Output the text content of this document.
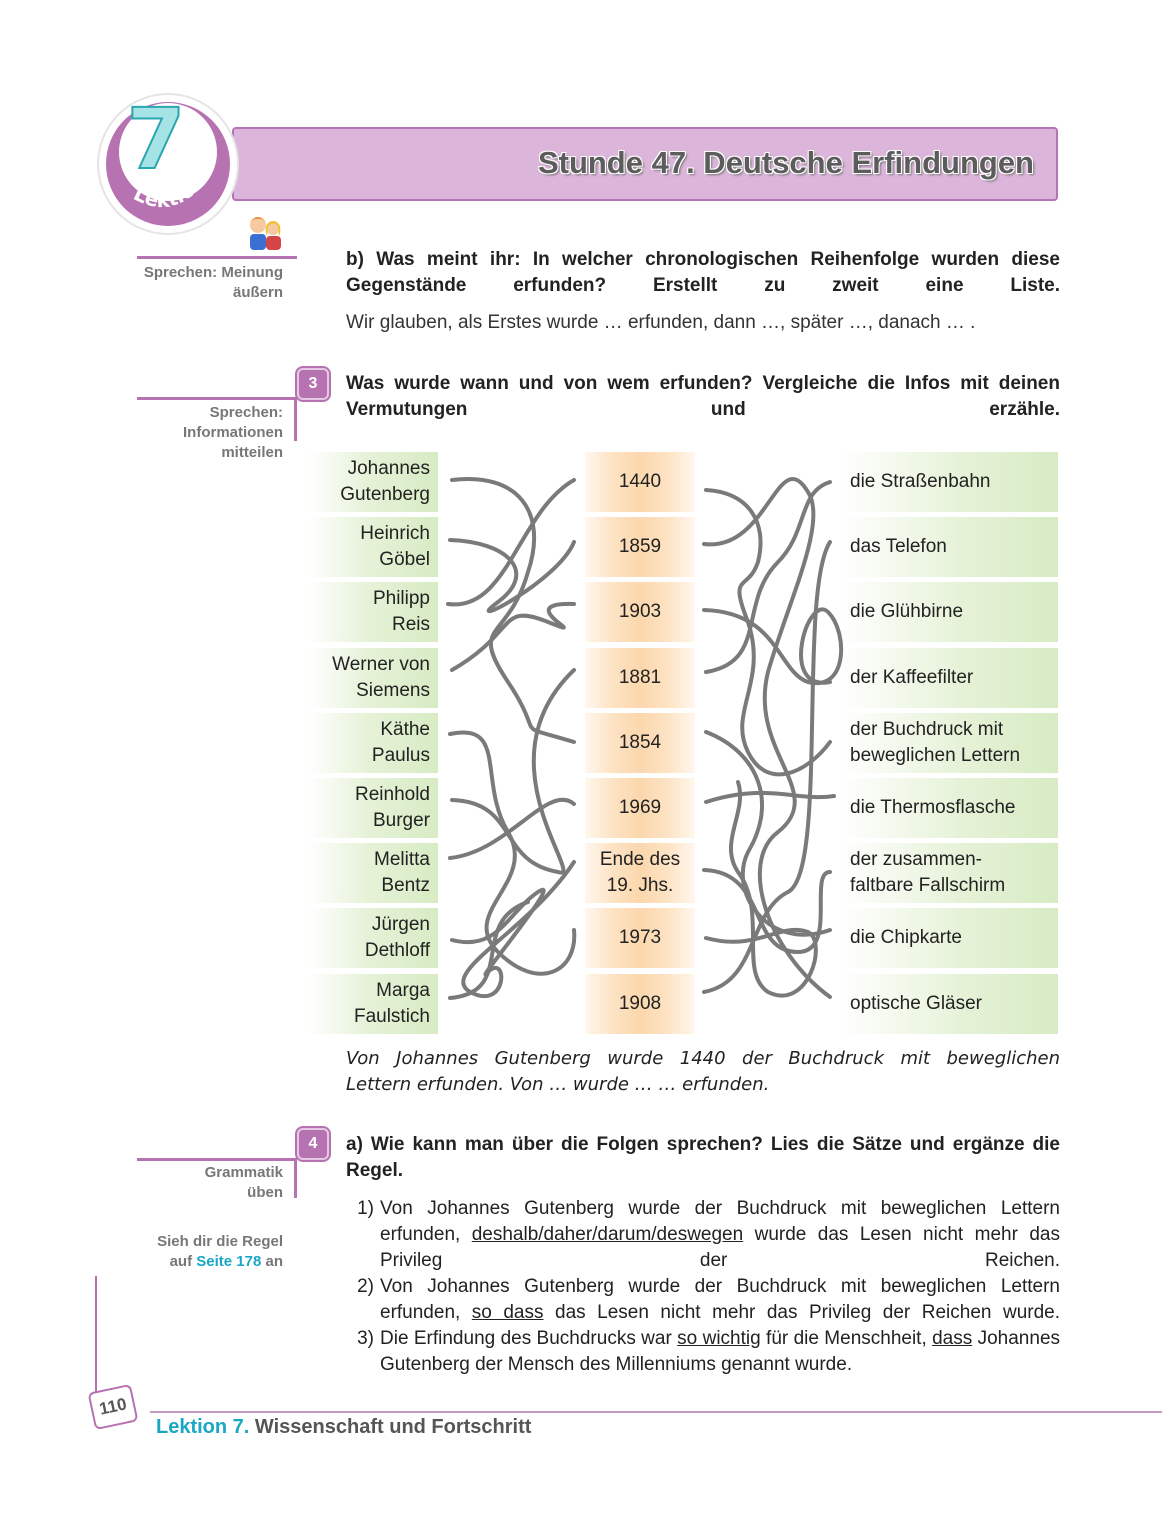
Stunde 47. Deutsche Erfindungen
7
Lektion
Sprechen: Meinung
äußern
3
Sprechen:
Informationen
mitteilen
4
Grammatik
üben
Sieh dir die Regel
auf Seite 178 an
b) Was meint ihr: In welcher chronologischen Reihenfolge wurden diese Gegenstände erfunden? Erstellt zu zweit eine Liste.
Wir glauben, als Erstes wurde … erfunden, dann …, später …, danach … .
Was wurde wann und von wem erfunden? Vergleiche die Infos mit deinen Vermutungen und erzähle.
Johannes
Gutenberg
Heinrich
Göbel
Philipp
Reis
Werner von
Siemens
Käthe
Paulus
Reinhold
Burger
Melitta
Bentz
Jürgen
Dethloff
Marga
Faulstich
1440
1859
1903
1881
1854
1969
Ende des
19. Jhs.
1973
1908
die Straßenbahn
das Telefon
die Glühbirne
der Kaffeefilter
der Buchdruck mit
beweglichen Lettern
die Thermosflasche
der zusammen-
faltbare Fallschirm
die Chipkarte
optische Gläser
Von Johannes Gutenberg wurde 1440 der Buchdruck mit beweglichen
Lettern erfunden. Von … wurde … … erfunden.
a) Wie kann man über die Folgen sprechen? Lies die Sätze und ergänze die Regel.
1) Von Johannes Gutenberg wurde der Buchdruck mit beweglichen Lettern erfunden, deshalb/daher/darum/deswegen wurde das Lesen nicht mehr das Privileg der Reichen.
2) Von Johannes Gutenberg wurde der Buchdruck mit beweglichen Lettern erfunden, so dass das Lesen nicht mehr das Privileg der Reichen wurde.
3) Die Erfindung des Buchdrucks war so wichtig für die Menschheit, dass Johannes Gutenberg der Mensch des Millenniums genannt wurde.
110
Lektion 7. Wissenschaft und Fortschritt
